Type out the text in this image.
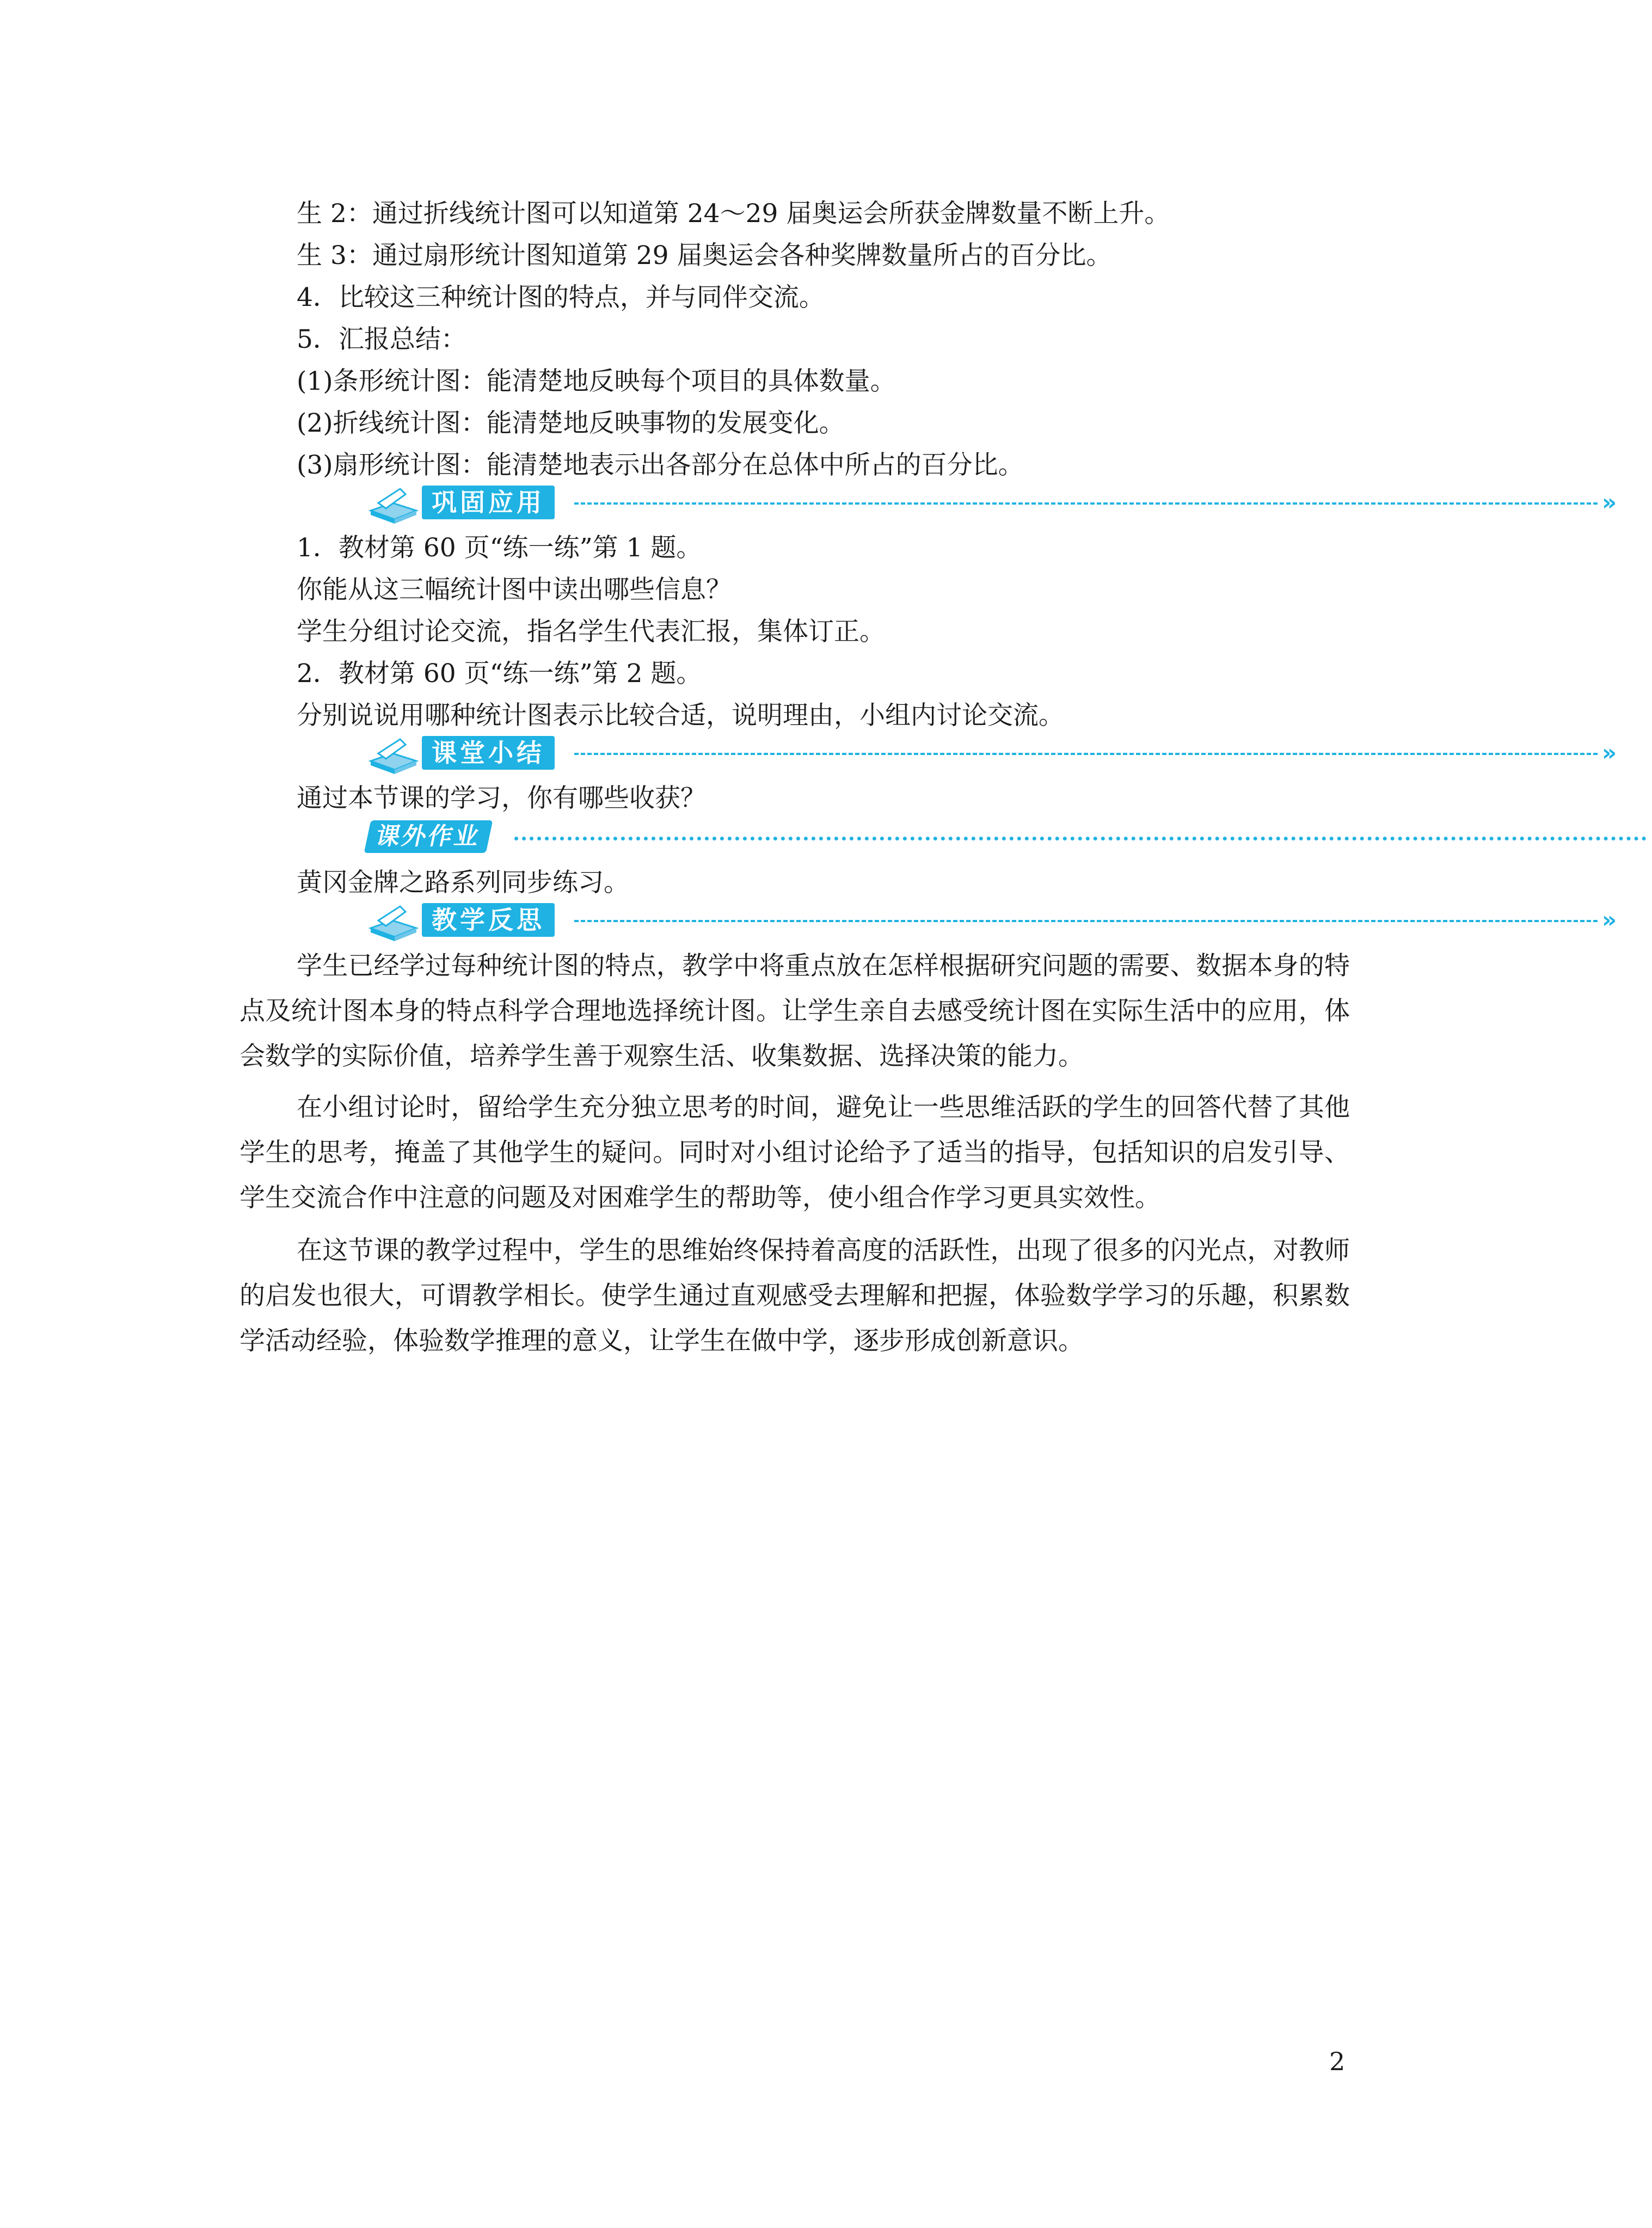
生 2：通过折线统计图可以知道第 24～29 届奥运会所获金牌数量不断上升。
生 3：通过扇形统计图知道第 29 届奥运会各种奖牌数量所占的百分比。
4．比较这三种统计图的特点，并与同伴交流。
5．汇报总结：
(1)条形统计图：能清楚地反映每个项目的具体数量。
(2)折线统计图：能清楚地反映事物的发展变化。
(3)扇形统计图：能清楚地表示出各部分在总体中所占的百分比。
巩固应用	»
1．教材第 60 页“练一练”第 1 题。
你能从这三幅统计图中读出哪些信息？
学生分组讨论交流，指名学生代表汇报，集体订正。
2．教材第 60 页“练一练”第 2 题。
分别说说用哪种统计图表示比较合适，说明理由，小组内讨论交流。
课堂小结	»
通过本节课的学习，你有哪些收获？
课外作业
黄冈金牌之路系列同步练习。
教学反思	»
学生已经学过每种统计图的特点，教学中将重点放在怎样根据研究问题的需要、数据本身的特点及统计图本身的特点科学合理地选择统计图。让学生亲自去感受统计图在实际生活中的应用，体会数学的实际价值，培养学生善于观察生活、收集数据、选择决策的能力。
在小组讨论时，留给学生充分独立思考的时间，避免让一些思维活跃的学生的回答代替了其他学生的思考，掩盖了其他学生的疑问。同时对小组讨论给予了适当的指导，包括知识的启发引导、学生交流合作中注意的问题及对困难学生的帮助等，使小组合作学习更具实效性。
在这节课的教学过程中，学生的思维始终保持着高度的活跃性，出现了很多的闪光点，对教师的启发也很大，可谓教学相长。使学生通过直观感受去理解和把握，体验数学学习的乐趣，积累数学活动经验，体验数学推理的意义，让学生在做中学，逐步形成创新意识。
2
